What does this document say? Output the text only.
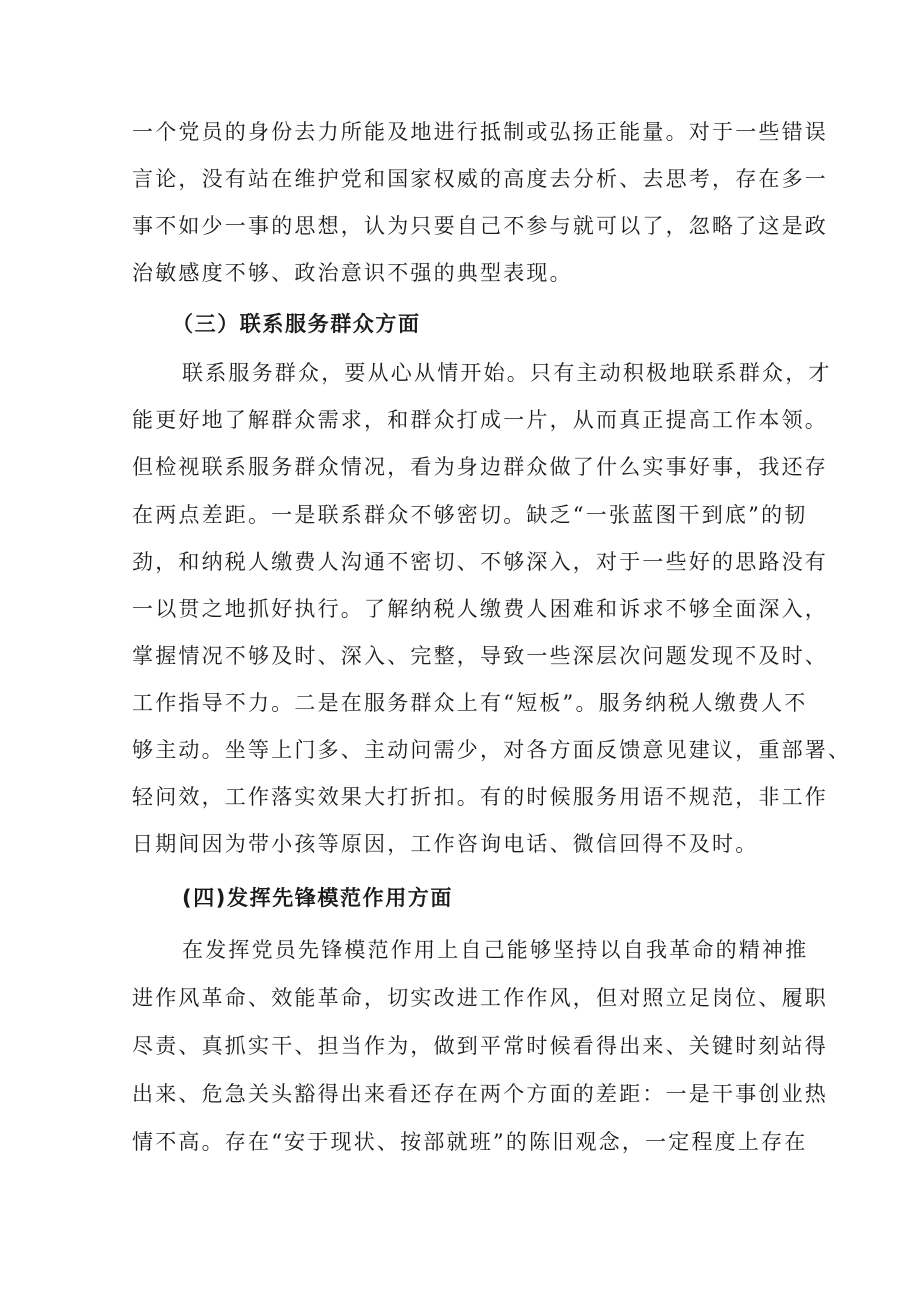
一个党员的身份去力所能及地进行抵制或弘扬正能量。对于一些错误

言论，没有站在维护党和国家权威的高度去分析、去思考，存在多一

事不如少一事的思想，认为只要自己不参与就可以了，忽略了这是政

治敏感度不够、政治意识不强的典型表现。

（三）联系服务群众方面

联系服务群众，要从心从情开始。只有主动积极地联系群众，才

能更好地了解群众需求，和群众打成一片，从而真正提高工作本领。

但检视联系服务群众情况，看为身边群众做了什么实事好事，我还存

在两点差距。一是联系群众不够密切。缺乏“一张蓝图干到底”的韧

劲，和纳税人缴费人沟通不密切、不够深入，对于一些好的思路没有

一以贯之地抓好执行。了解纳税人缴费人困难和诉求不够全面深入，

掌握情况不够及时、深入、完整，导致一些深层次问题发现不及时、

工作指导不力。二是在服务群众上有“短板”。服务纳税人缴费人不

够主动。坐等上门多、主动问需少，对各方面反馈意见建议，重部署、

轻问效，工作落实效果大打折扣。有的时候服务用语不规范，非工作

日期间因为带小孩等原因，工作咨询电话、微信回得不及时。

(四)发挥先锋模范作用方面

在发挥党员先锋模范作用上自己能够坚持以自我革命的精神推

进作风革命、效能革命，切实改进工作作风，但对照立足岗位、履职

尽责、真抓实干、担当作为，做到平常时候看得出来、关键时刻站得

出来、危急关头豁得出来看还存在两个方面的差距：一是干事创业热

情不高。存在“安于现状、按部就班”的陈旧观念，一定程度上存在
